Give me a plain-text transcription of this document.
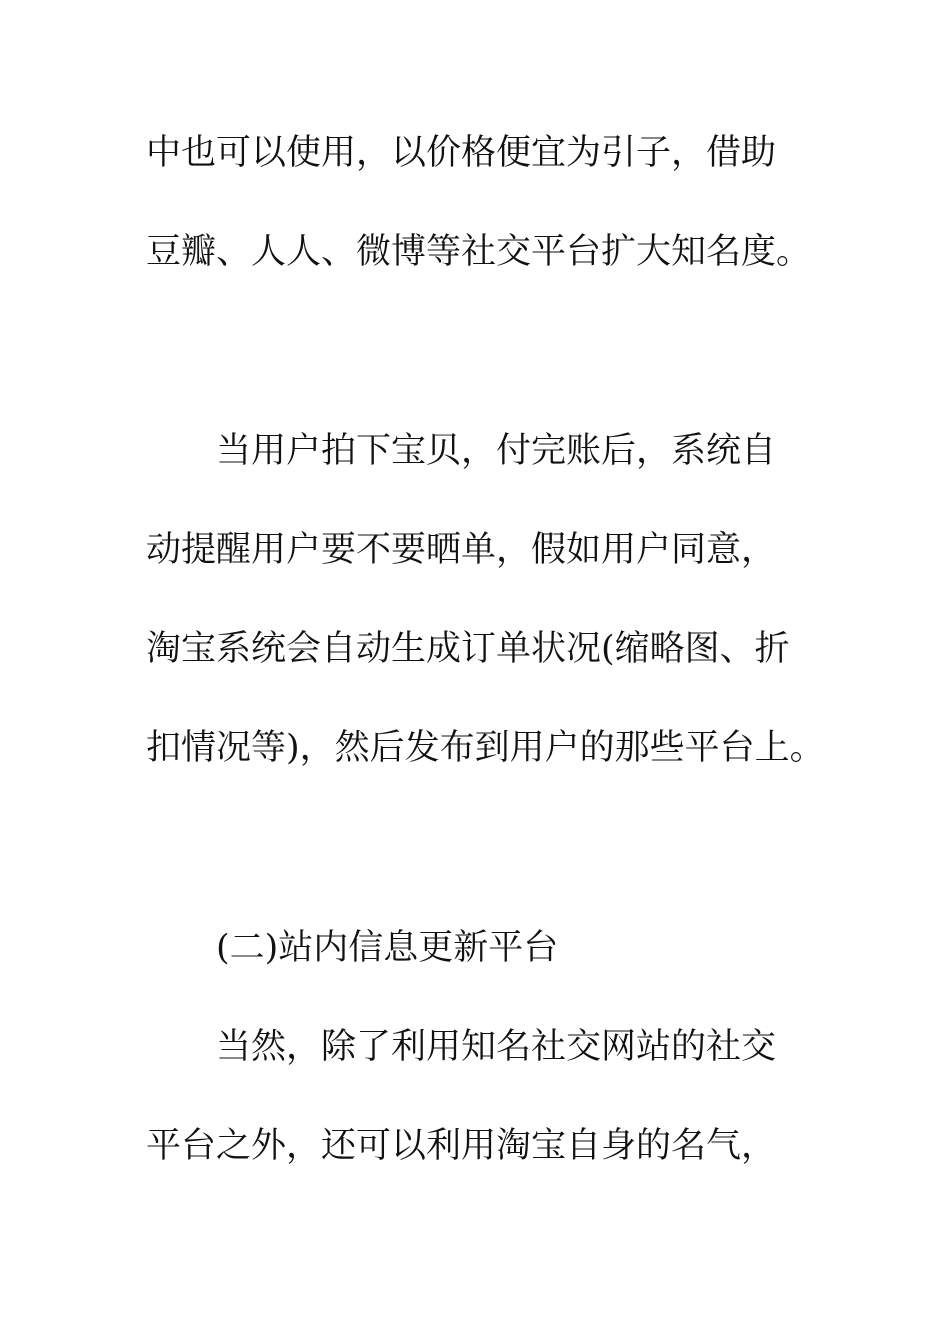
中也可以使用，以价格便宜为引子，借助
豆瓣、人人、微博等社交平台扩大知名度。
当用户拍下宝贝，付完账后，系统自
动提醒用户要不要晒单，假如用户同意，
淘宝系统会自动生成订单状况(缩略图、折
扣情况等)，然后发布到用户的那些平台上。
(二)站内信息更新平台
当然，除了利用知名社交网站的社交
平台之外，还可以利用淘宝自身的名气，
